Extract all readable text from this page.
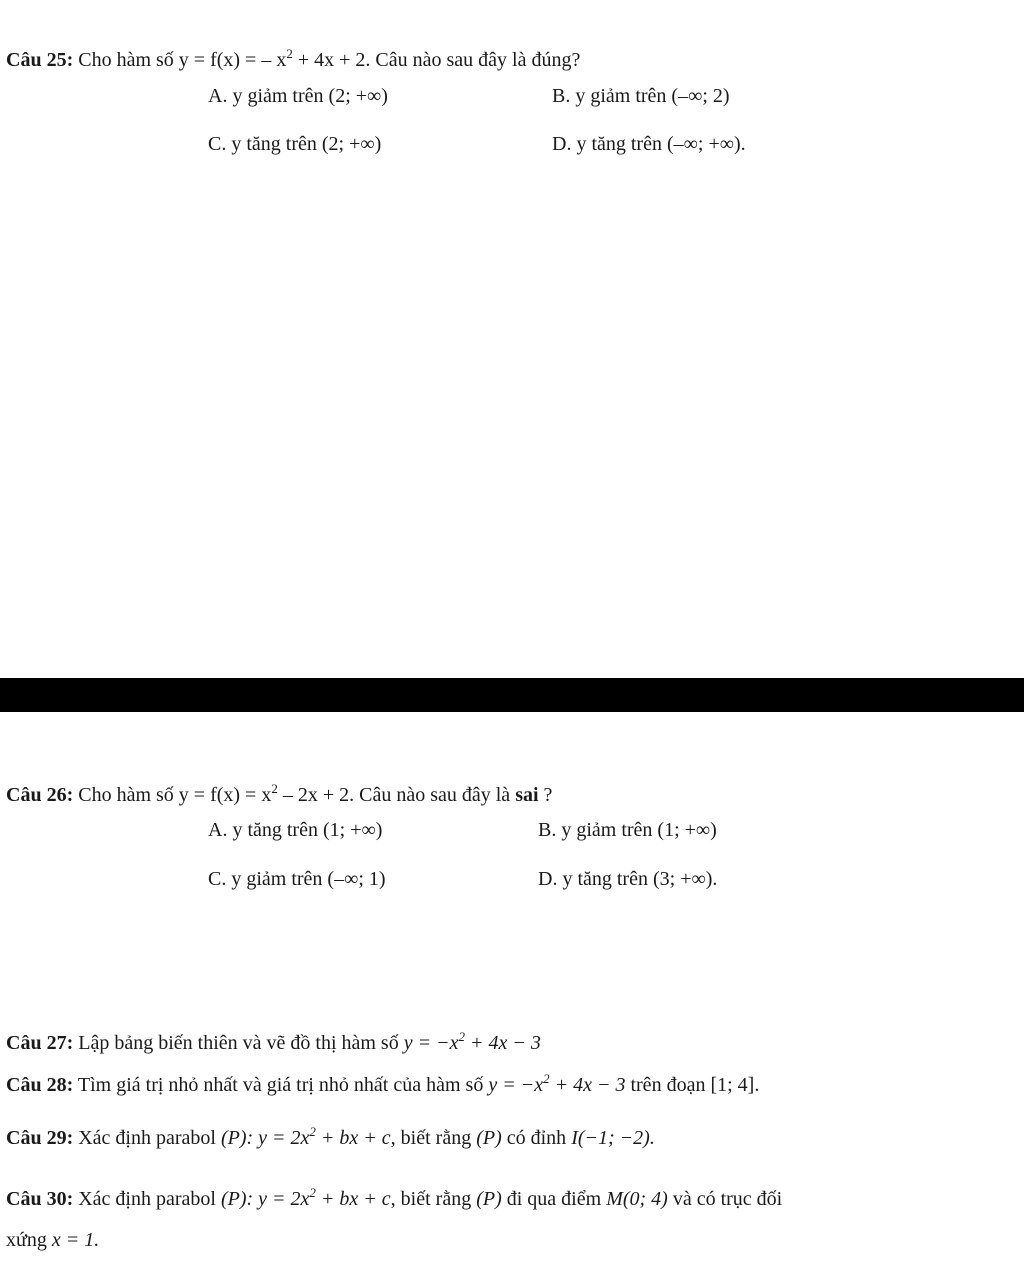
Câu 25: Cho hàm số y = f(x) = – $x^2 + 4x + 2$. Câu nào sau đây là đúng?
A. y giảm trên (2; +∞)	B. y giảm trên (–∞; 2)
C. y tăng trên (2; +∞)	D. y tăng trên (–∞; +∞).
Câu 26: Cho hàm số $y = f(x) = x^2 - 2x + 2$. Câu nào sau đây là sai ?
A. y tăng trên (1; +∞)	B. y giảm trên (1; +∞)
C. y giảm trên (–∞; 1)	D. y tăng trên (3; +∞).
Câu 27: Lập bảng biến thiên và vẽ đồ thị hàm số $y = -x^2 + 4x - 3$
Câu 28: Tìm giá trị nhỏ nhất và giá trị nhỏ nhất của hàm số $y = -x^2 + 4x - 3$ trên đoạn [1; 4].
Câu 29: Xác định parabol (P): $y = 2x^2$ + bx + c, biết rằng (P) có đỉnh I(−1; −2).
Câu 30: Xác định parabol (P): $y = 2x^2$ + bx + c, biết rằng (P) đi qua điểm M(0; 4) và có trục đối
xứng x = 1.
